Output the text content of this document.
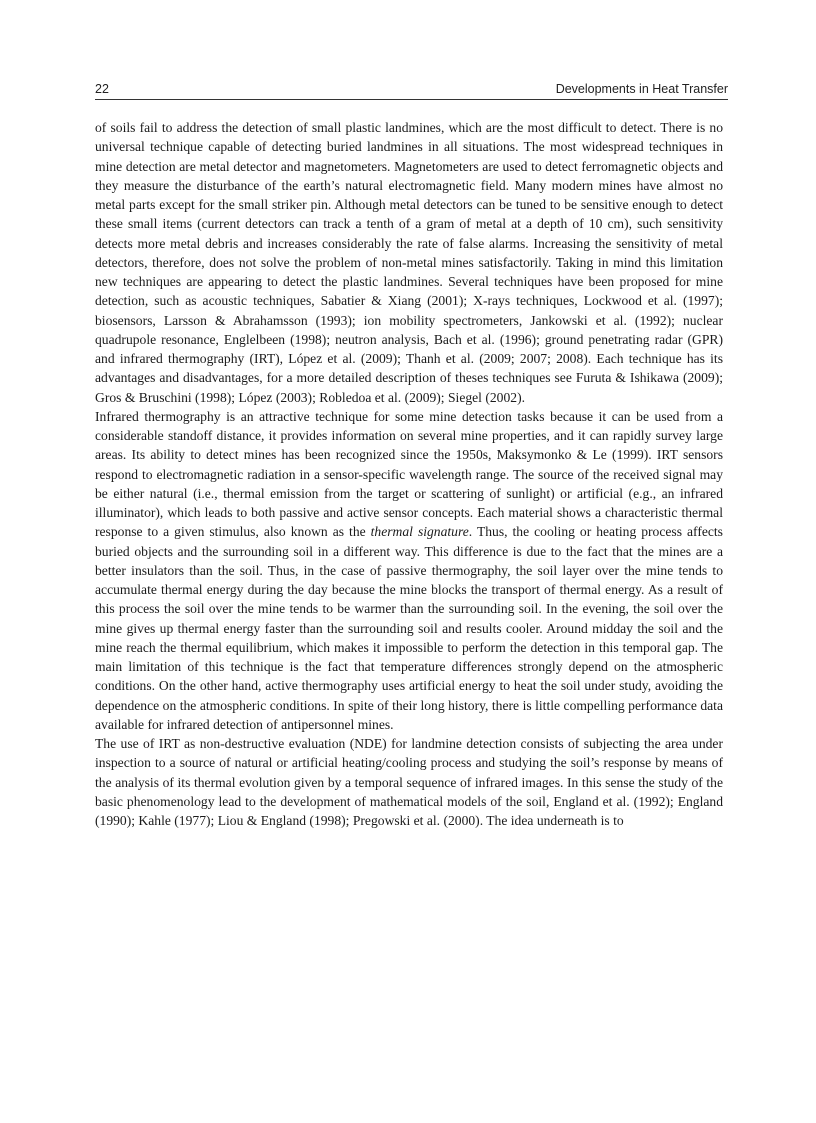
22	Developments in Heat Transfer

of soils fail to address the detection of small plastic landmines, which are the most difficult to detect. There is no universal technique capable of detecting buried landmines in all situations. The most widespread techniques in mine detection are metal detector and magnetometers. Magnetometers are used to detect ferromagnetic objects and they measure the disturbance of the earth’s natural electromagnetic field. Many modern mines have almost no metal parts except for the small striker pin. Although metal detectors can be tuned to be sensitive enough to detect these small items (current detectors can track a tenth of a gram of metal at a depth of 10 cm), such sensitivity detects more metal debris and increases considerably the rate of false alarms. Increasing the sensitivity of metal detectors, therefore, does not solve the problem of non-metal mines satisfactorily. Taking in mind this limitation new techniques are appearing to detect the plastic landmines. Several techniques have been proposed for mine detection, such as acoustic techniques, Sabatier & Xiang (2001); X-rays techniques, Lockwood et al. (1997); biosensors, Larsson & Abrahamsson (1993); ion mobility spectrometers, Jankowski et al. (1992); nuclear quadrupole resonance, Englelbeen (1998); neutron analysis, Bach et al. (1996); ground penetrating radar (GPR) and infrared thermography (IRT), López et al. (2009); Thanh et al. (2009; 2007; 2008). Each technique has its advantages and disadvantages, for a more detailed description of theses techniques see Furuta & Ishikawa (2009); Gros & Bruschini (1998); López (2003); Robledoa et al. (2009); Siegel (2002).

Infrared thermography is an attractive technique for some mine detection tasks because it can be used from a considerable standoff distance, it provides information on several mine properties, and it can rapidly survey large areas. Its ability to detect mines has been recognized since the 1950s, Maksymonko & Le (1999). IRT sensors respond to electromagnetic radiation in a sensor-specific wavelength range. The source of the received signal may be either natural (i.e., thermal emission from the target or scattering of sunlight) or artificial (e.g., an infrared illuminator), which leads to both passive and active sensor concepts. Each material shows a characteristic thermal response to a given stimulus, also known as the thermal signature. Thus, the cooling or heating process affects buried objects and the surrounding soil in a different way. This difference is due to the fact that the mines are a better insulators than the soil. Thus, in the case of passive thermography, the soil layer over the mine tends to accumulate thermal energy during the day because the mine blocks the transport of thermal energy. As a result of this process the soil over the mine tends to be warmer than the surrounding soil. In the evening, the soil over the mine gives up thermal energy faster than the surrounding soil and results cooler. Around midday the soil and the mine reach the thermal equilibrium, which makes it impossible to perform the detection in this temporal gap. The main limitation of this technique is the fact that temperature differences strongly depend on the atmospheric conditions. On the other hand, active thermography uses artificial energy to heat the soil under study, avoiding the dependence on the atmospheric conditions. In spite of their long history, there is little compelling performance data available for infrared detection of antipersonnel mines.

The use of IRT as non-destructive evaluation (NDE) for landmine detection consists of subjecting the area under inspection to a source of natural or artificial heating/cooling process and studying the soil’s response by means of the analysis of its thermal evolution given by a temporal sequence of infrared images. In this sense the study of the basic phenomenology lead to the development of mathematical models of the soil, England et al. (1992); England (1990); Kahle (1977); Liou & England (1998); Pregowski et al. (2000). The idea underneath is to
